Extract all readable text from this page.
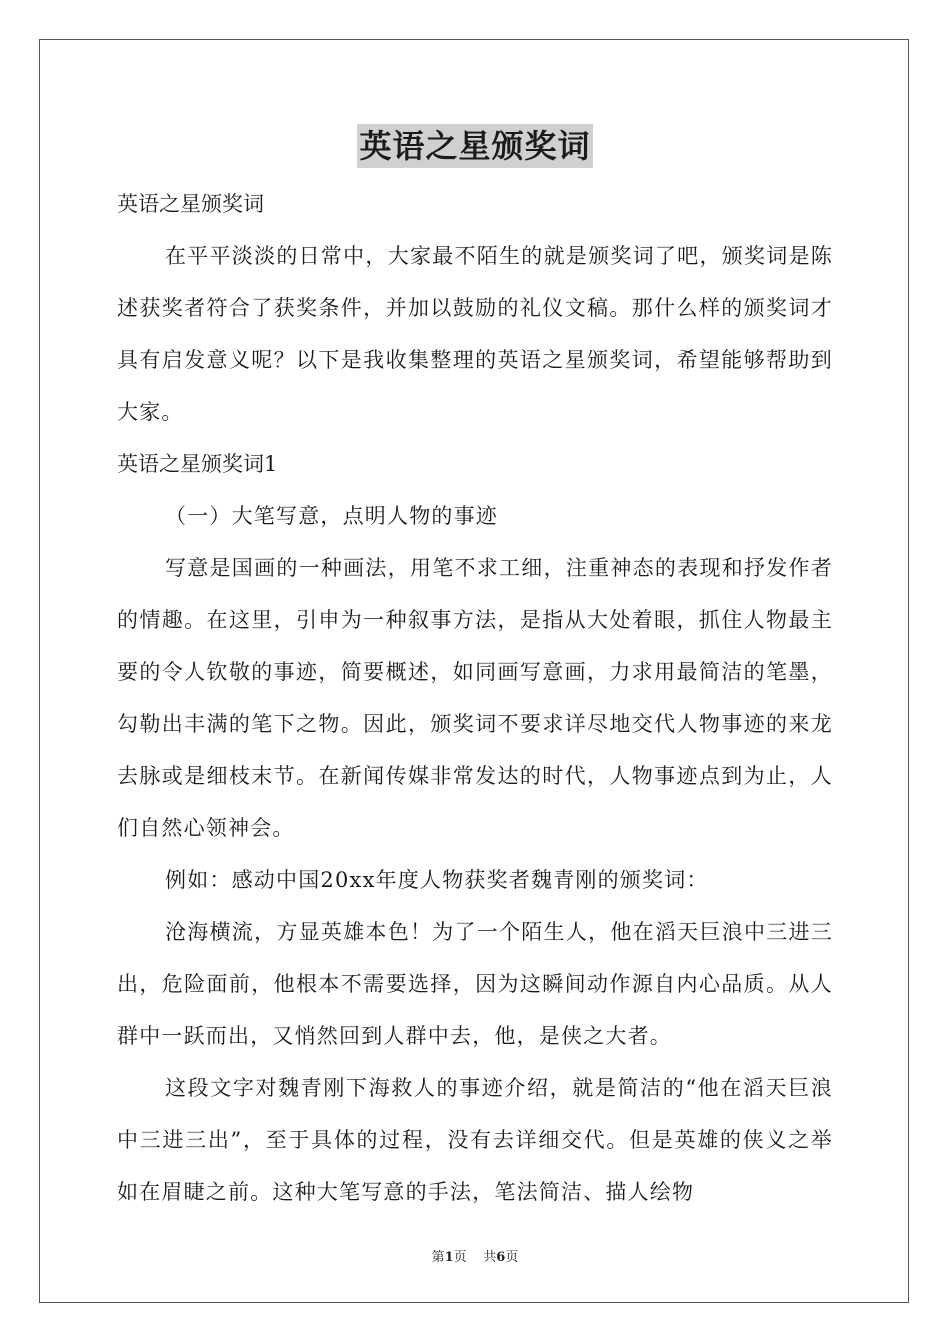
英语之星颁奖词

英语之星颁奖词

在平平淡淡的日常中，大家最不陌生的就是颁奖词了吧，颁奖词是陈述获奖者符合了获奖条件，并加以鼓励的礼仪文稿。那什么样的颁奖词才具有启发意义呢？以下是我收集整理的英语之星颁奖词，希望能够帮助到大家。

英语之星颁奖词1

（一）大笔写意，点明人物的事迹

写意是国画的一种画法，用笔不求工细，注重神态的表现和抒发作者的情趣。在这里，引申为一种叙事方法，是指从大处着眼，抓住人物最主要的令人钦敬的事迹，简要概述，如同画写意画，力求用最简洁的笔墨，勾勒出丰满的笔下之物。因此，颁奖词不要求详尽地交代人物事迹的来龙去脉或是细枝末节。在新闻传媒非常发达的时代，人物事迹点到为止，人们自然心领神会。

例如：感动中国20xx年度人物获奖者魏青刚的颁奖词：

沧海横流，方显英雄本色！为了一个陌生人，他在滔天巨浪中三进三出，危险面前，他根本不需要选择，因为这瞬间动作源自内心品质。从人群中一跃而出，又悄然回到人群中去，他，是侠之大者。

这段文字对魏青刚下海救人的事迹介绍，就是简洁的“他在滔天巨浪中三进三出”，至于具体的过程，没有去详细交代。但是英雄的侠义之举如在眉睫之前。这种大笔写意的手法，笔法简洁、描人绘物

第1页 共6页
